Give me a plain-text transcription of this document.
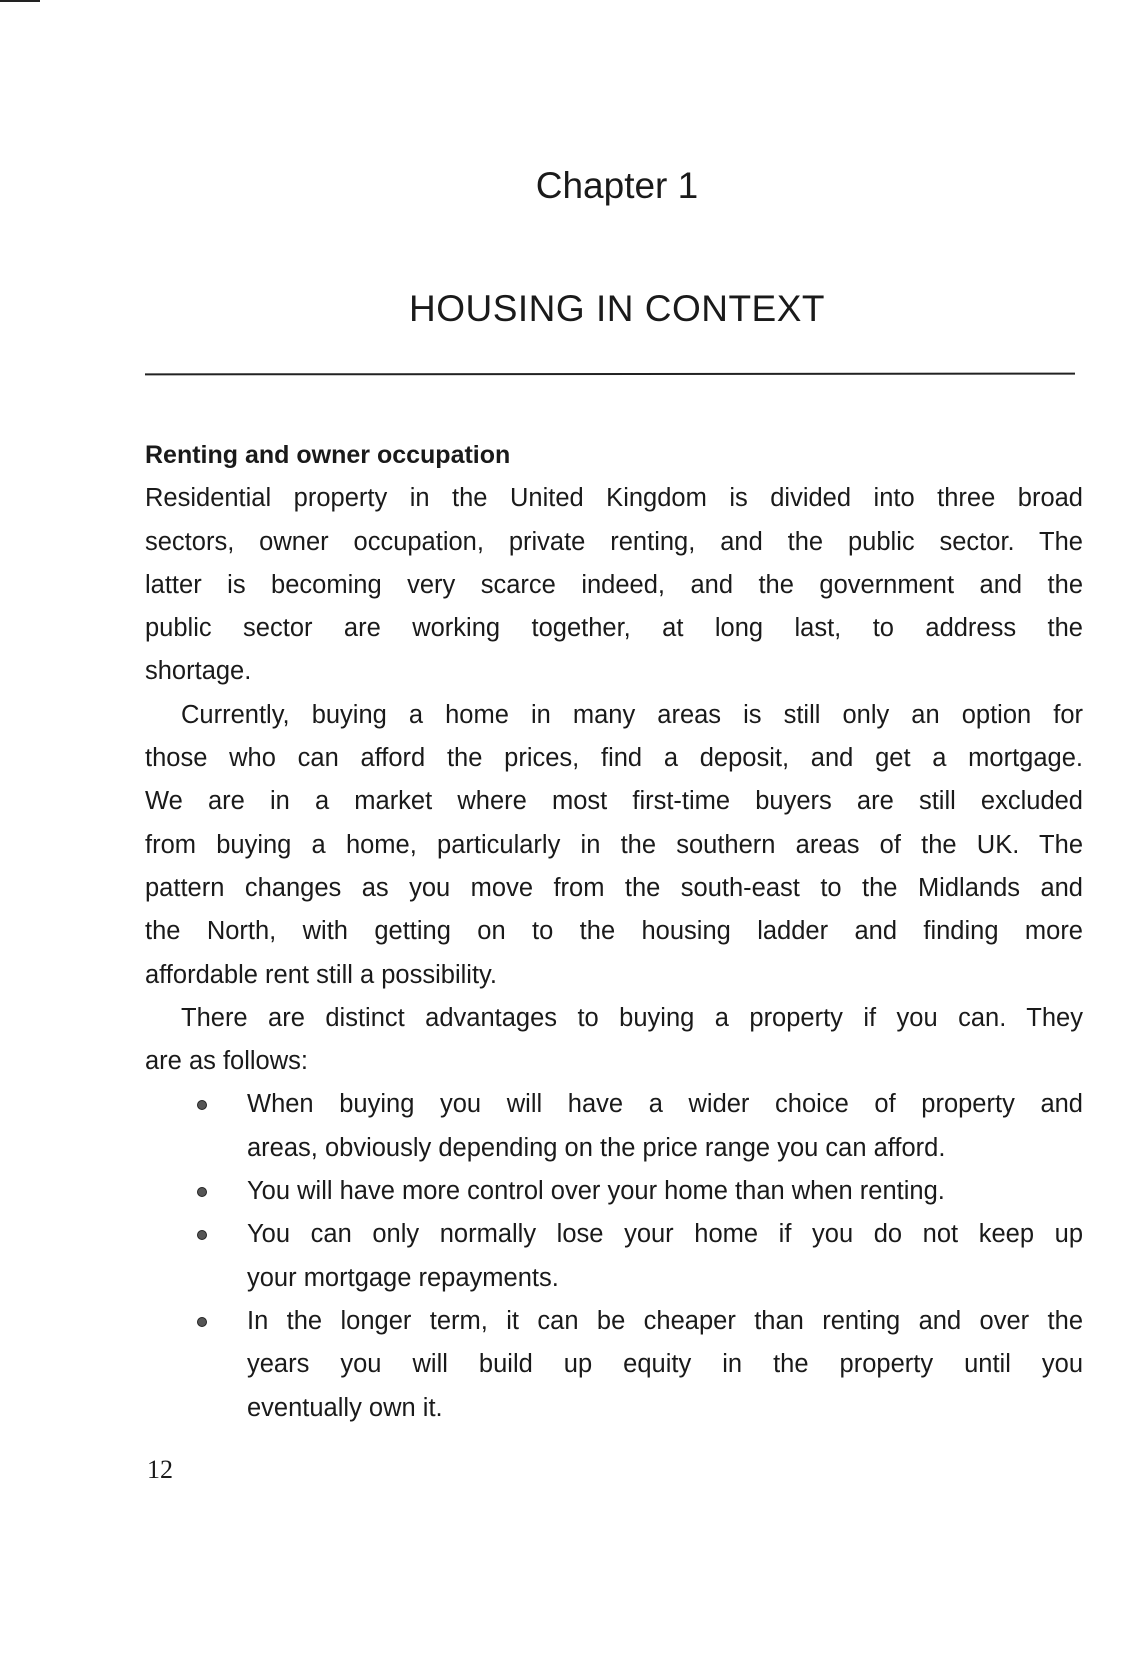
Chapter 1
HOUSING IN CONTEXT
Renting and owner occupation
Residential property in the United Kingdom is divided into three broad
sectors, owner occupation, private renting, and the public sector. The
latter is becoming very scarce indeed, and the government and the
public sector are working together, at long last, to address the
shortage.
Currently, buying a home in many areas is still only an option for
those who can afford the prices, find a deposit, and get a mortgage.
We are in a market where most first-time buyers are still excluded
from buying a home, particularly in the southern areas of the UK. The
pattern changes as you move from the south-east to the Midlands and
the North, with getting on to the housing ladder and finding more
affordable rent still a possibility.
There are distinct advantages to buying a property if you can. They
are as follows:
When buying you will have a wider choice of property and
areas, obviously depending on the price range you can afford.
You will have more control over your home than when renting.
You can only normally lose your home if you do not keep up
your mortgage repayments.
In the longer term, it can be cheaper than renting and over the
years you will build up equity in the property until you
eventually own it.
12
